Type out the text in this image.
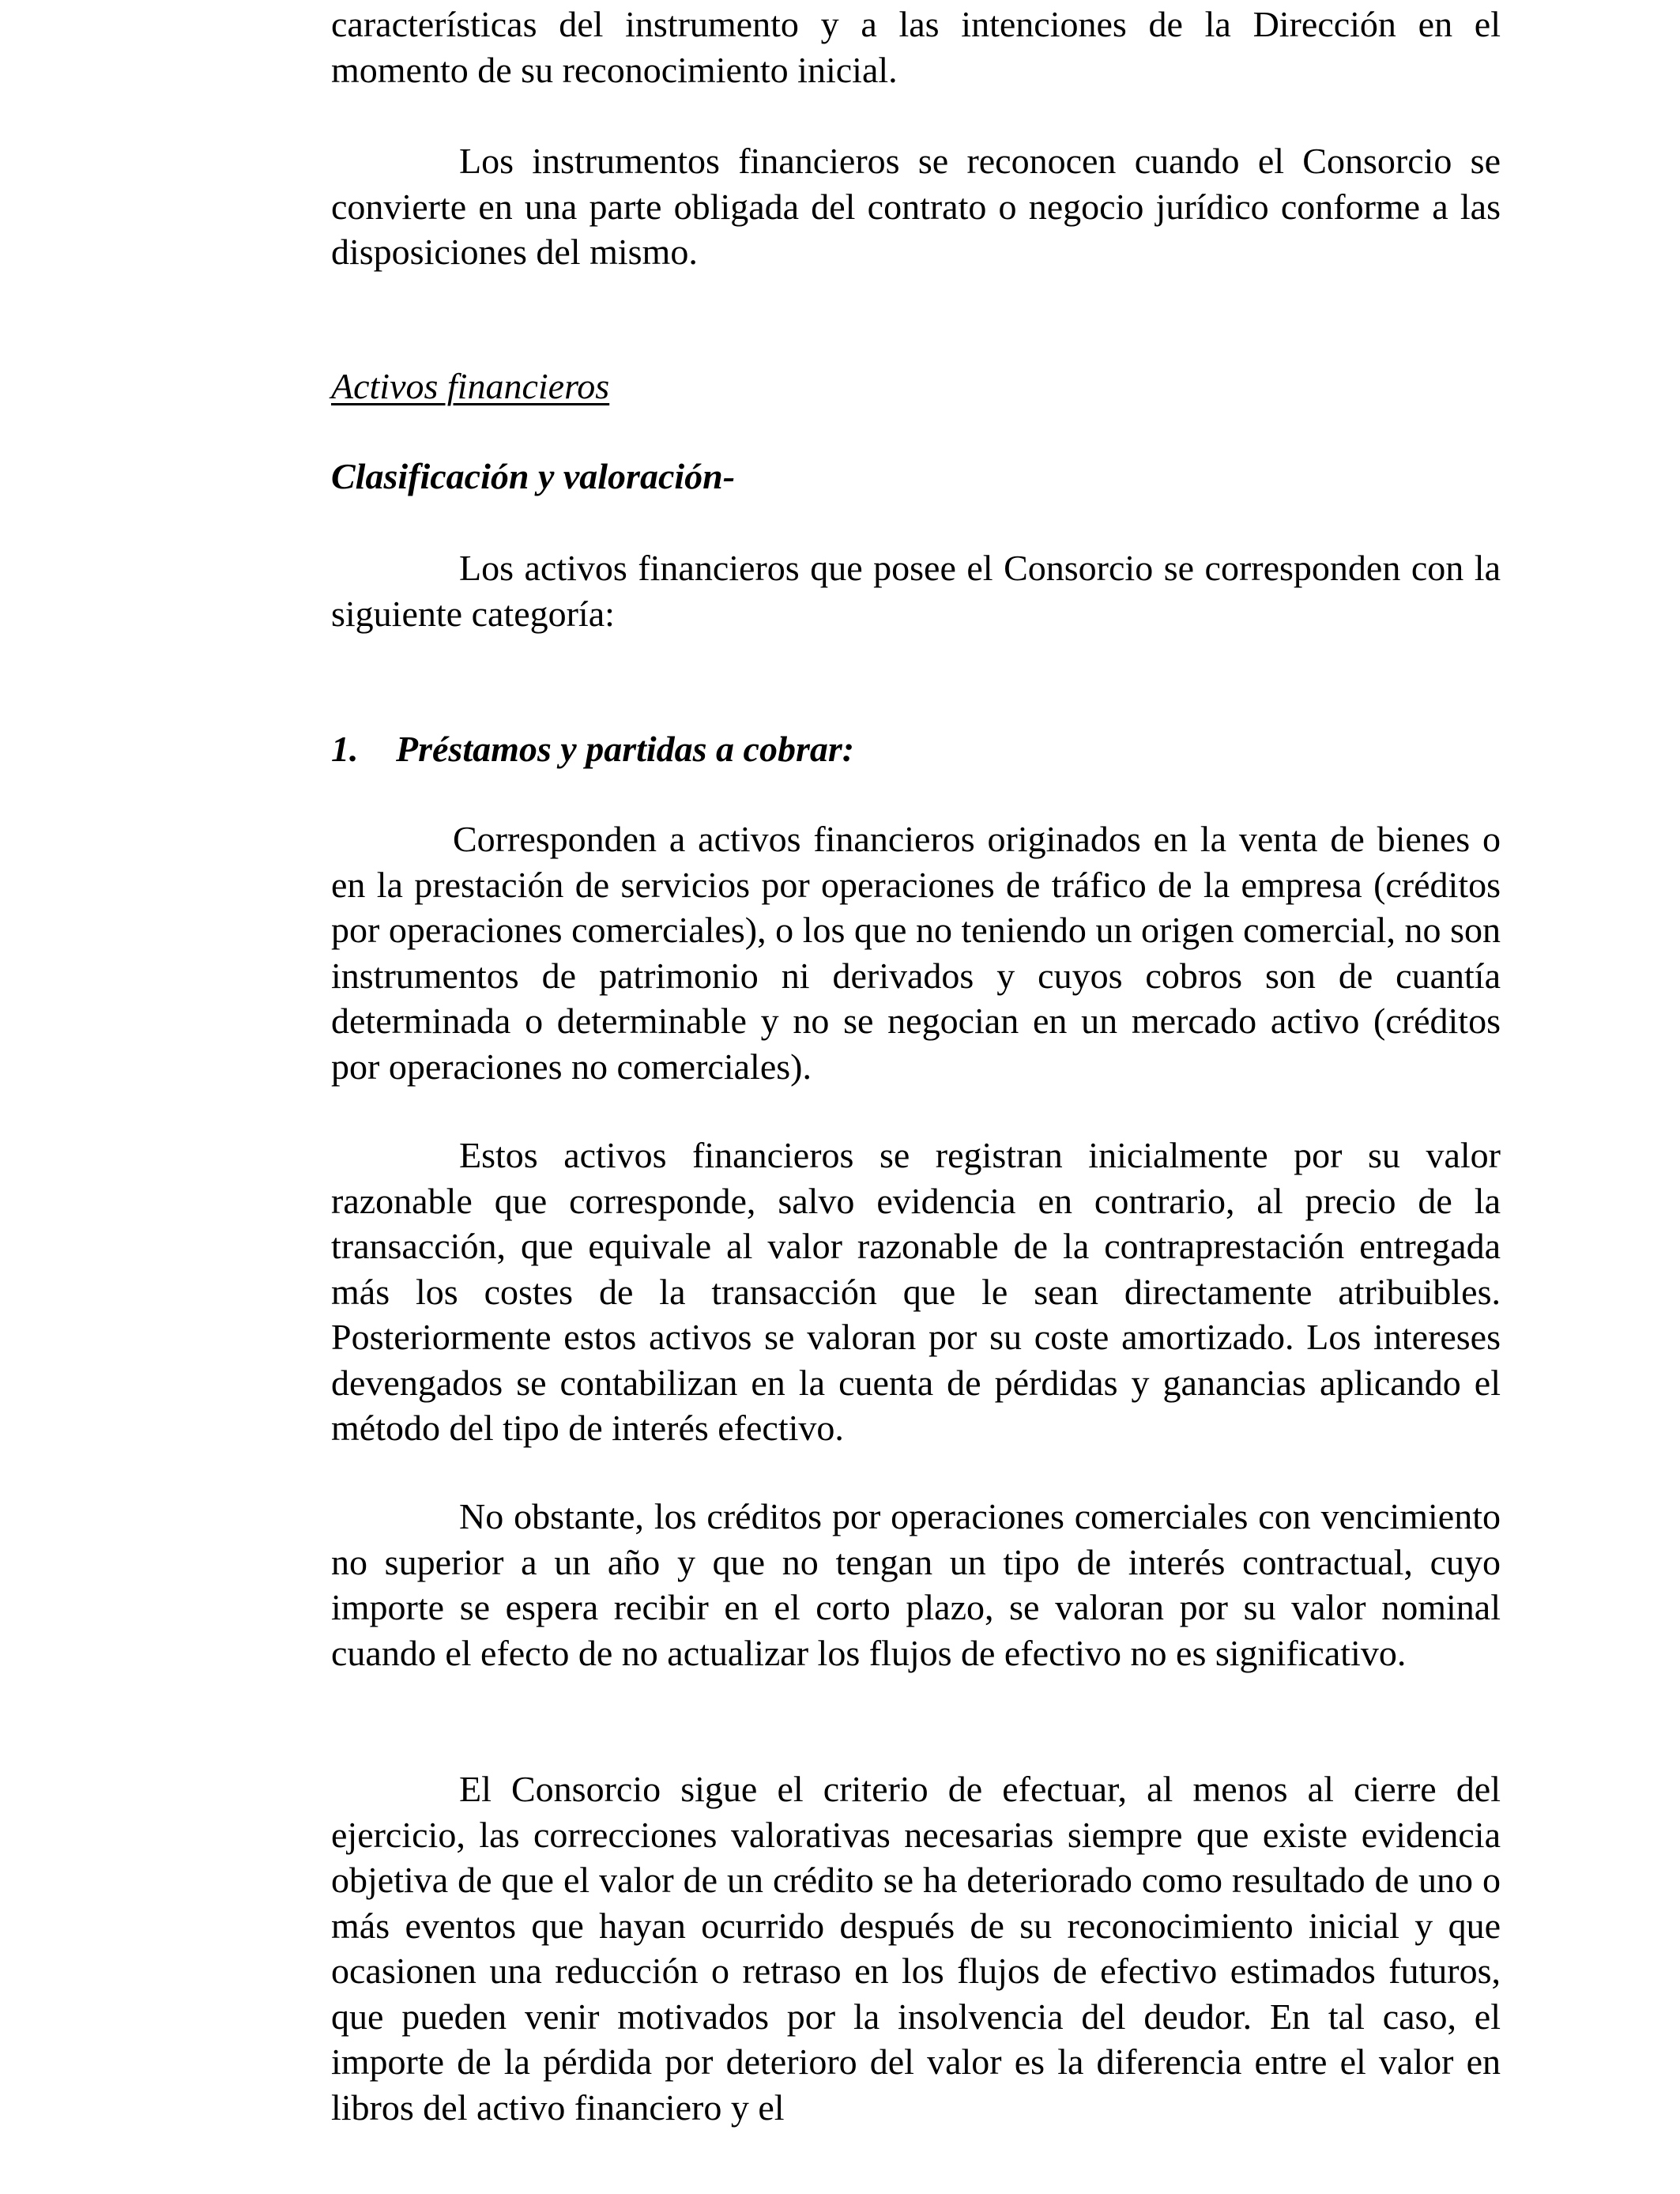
características del instrumento y a las intenciones de la Dirección en el momento de su reconocimiento inicial.

Los instrumentos financieros se reconocen cuando el Consorcio se convierte en una parte obligada del contrato o negocio jurídico conforme a las disposiciones del mismo.

Activos financieros
Clasificación y valoración-

Los activos financieros que posee el Consorcio se corresponden con la siguiente categoría:

1. Préstamos y partidas a cobrar:

Corresponden a activos financieros originados en la venta de bienes o en la prestación de servicios por operaciones de tráfico de la empresa (créditos por operaciones comerciales), o los que no teniendo un origen comercial, no son instrumentos de patrimonio ni derivados y cuyos cobros son de cuantía determinada o determinable y no se negocian en un mercado activo (créditos por operaciones no comerciales).

Estos activos financieros se registran inicialmente por su valor razonable que corresponde, salvo evidencia en contrario, al precio de la transacción, que equivale al valor razonable de la contraprestación entregada más los costes de la transacción que le sean directamente atribuibles. Posteriormente estos activos se valoran por su coste amortizado. Los intereses devengados se contabilizan en la cuenta de pérdidas y ganancias aplicando el método del tipo de interés efectivo.

No obstante, los créditos por operaciones comerciales con vencimiento no superior a un año y que no tengan un tipo de interés contractual, cuyo importe se espera recibir en el corto plazo, se valoran por su valor nominal cuando el efecto de no actualizar los flujos de efectivo no es significativo.

El Consorcio sigue el criterio de efectuar, al menos al cierre del ejercicio, las correcciones valorativas necesarias siempre que existe evidencia objetiva de que el valor de un crédito se ha deteriorado como resultado de uno o más eventos que hayan ocurrido después de su reconocimiento inicial y que ocasionen una reducción o retraso en los flujos de efectivo estimados futuros, que pueden venir motivados por la insolvencia del deudor. En tal caso, el importe de la pérdida por deterioro del valor es la diferencia entre el valor en libros del activo financiero y el
